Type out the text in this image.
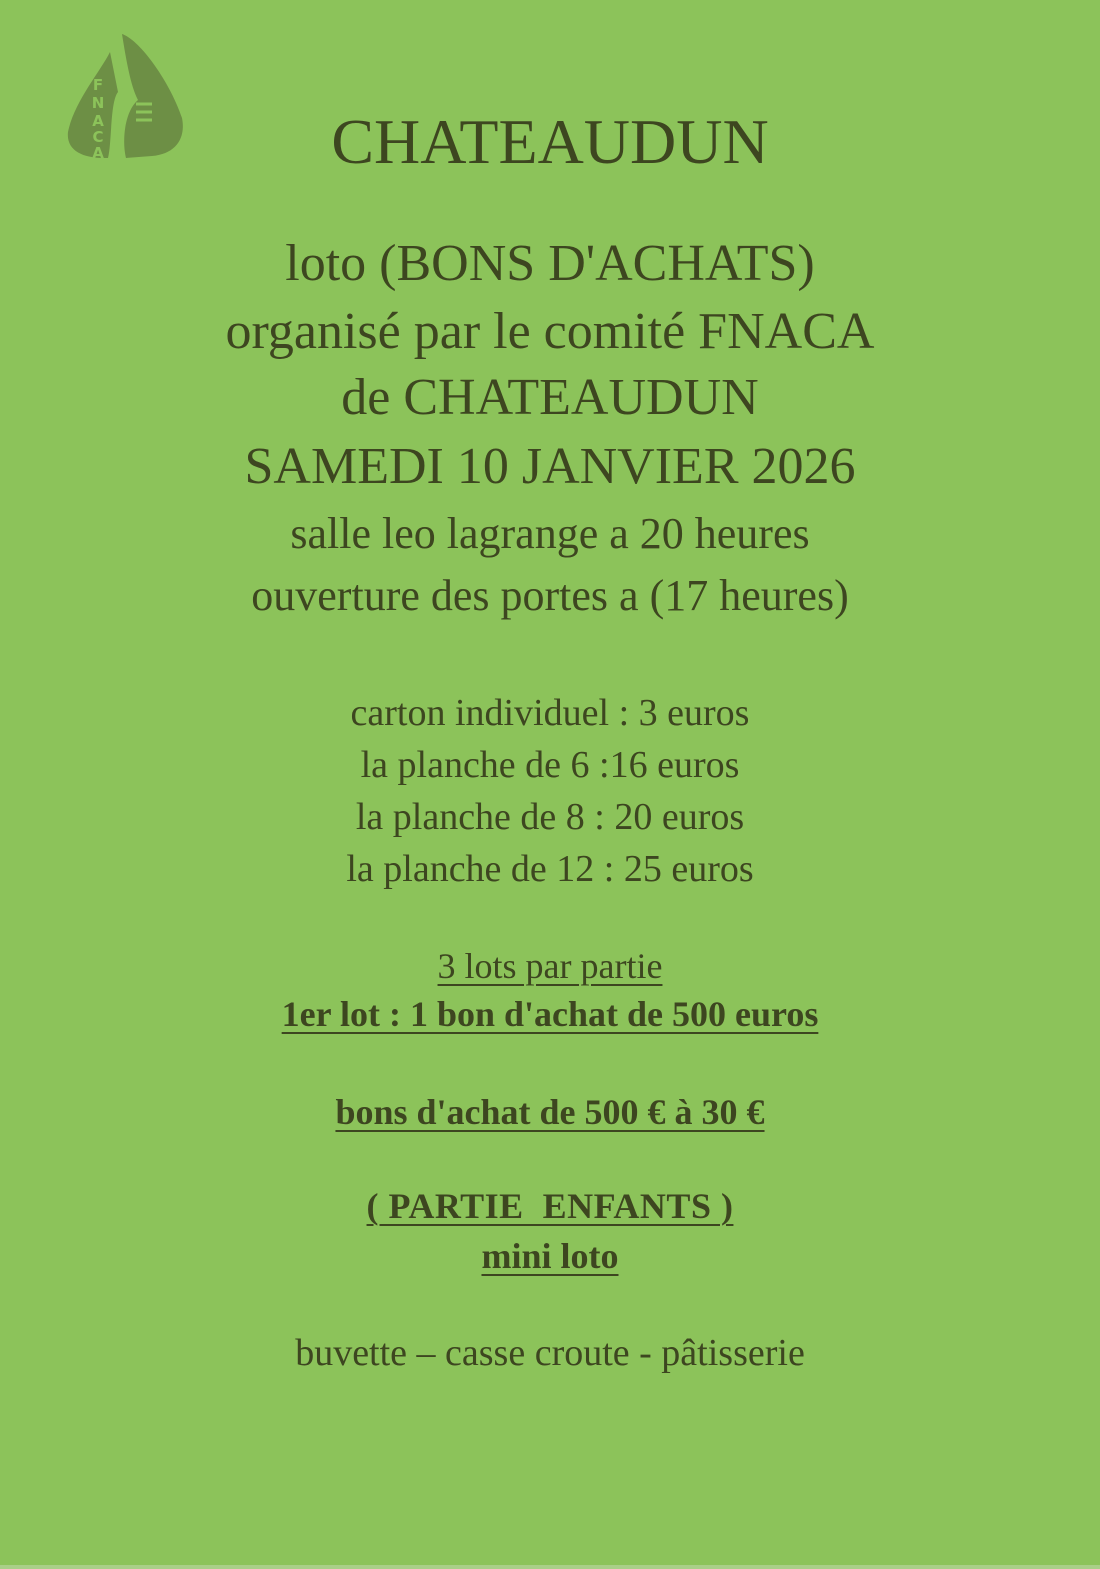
F
N
A
C
A	CHATEAUDUN
loto (BONS D'ACHATS)
organisé par le comité FNACA
de CHATEAUDUN
SAMEDI 10 JANVIER 2026
salle leo lagrange a 20 heures
ouverture des portes a (17 heures)
carton individuel : 3 euros
la planche de 6 :16 euros
la planche de 8 : 20 euros
la planche de 12 : 25 euros
3 lots par partie
1er lot : 1 bon d'achat de 500 euros
bons d'achat de 500 € à 30 €
( PARTIE  ENFANTS )
mini loto
buvette – casse croute - pâtisserie
